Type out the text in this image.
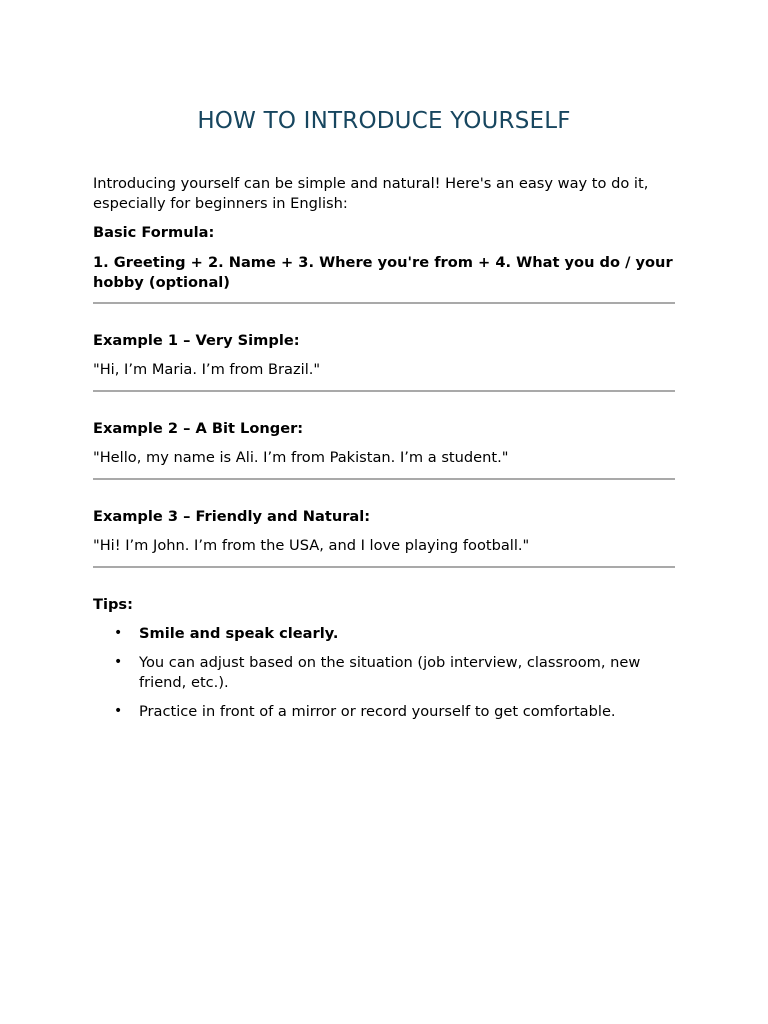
HOW TO INTRODUCE YOURSELF

Introducing yourself can be simple and natural! Here's an easy way to do it, especially for beginners in English:

Basic Formula:

1. Greeting + 2. Name + 3. Where you're from + 4. What you do / your hobby (optional)

Example 1 – Very Simple:

"Hi, I’m Maria. I’m from Brazil."

Example 2 – A Bit Longer:

"Hello, my name is Ali. I’m from Pakistan. I’m a student."

Example 3 – Friendly and Natural:

"Hi! I’m John. I’m from the USA, and I love playing football."

Tips:

• Smile and speak clearly.
• You can adjust based on the situation (job interview, classroom, new friend, etc.).
• Practice in front of a mirror or record yourself to get comfortable.
